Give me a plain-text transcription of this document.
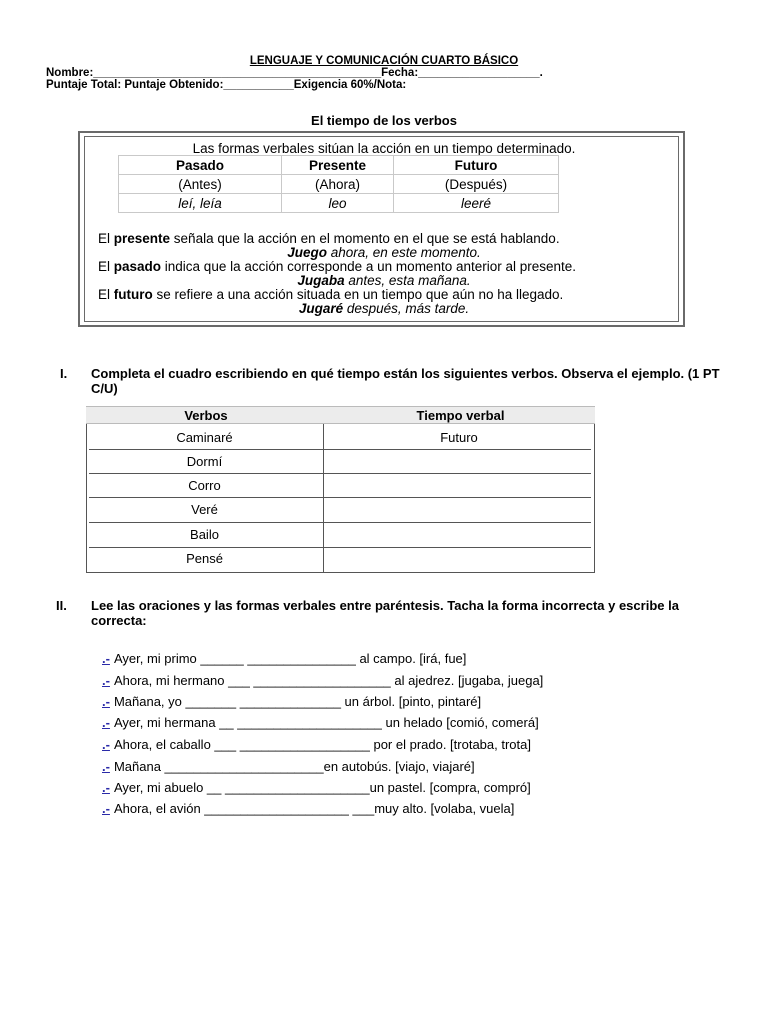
LENGUAJE Y COMUNICACIÓN CUARTO BÁSICO
Nombre:_____________________________________________Fecha:___________________.
Puntaje Total: Puntaje Obtenido:___________Exigencia 60%/Nota:
El tiempo de los verbos
Las formas verbales sitúan la acción en un tiempo determinado.
Pasado	Presente	Futuro
(Antes)	(Ahora)	(Después)
leí, leía	leo	leeré
El presente señala que la acción en el momento en el que se está hablando.
Juego ahora, en este momento.
El pasado indica que la acción corresponde a un momento anterior al presente.
Jugaba antes, esta mañana.
El futuro se refiere a una acción situada en un tiempo que aún no ha llegado.
Jugaré después, más tarde.
I. Completa el cuadro escribiendo en qué tiempo están los siguientes verbos. Observa el ejemplo. (1 PT C/U)
Verbos	Tiempo verbal
Caminaré	Futuro
Dormí
Corro
Veré
Bailo
Pensé
II. Lee las oraciones y las formas verbales entre paréntesis. Tacha la forma incorrecta y escribe la correcta:
.- Ayer, mi primo ______ _______________ al campo. [irá, fue]
.- Ahora, mi hermano ___ ___________________ al ajedrez. [jugaba, juega]
.- Mañana, yo _______ ______________ un árbol. [pinto, pintaré]
.- Ayer, mi hermana __ ____________________ un helado [comió, comerá]
.- Ahora, el caballo ___ __________________ por el prado. [trotaba, trota]
.- Mañana ______________________en autobús. [viajo, viajaré]
.- Ayer, mi abuelo __ ____________________un pastel. [compra, compró]
.- Ahora, el avión ____________________ ___muy alto. [volaba, vuela]
